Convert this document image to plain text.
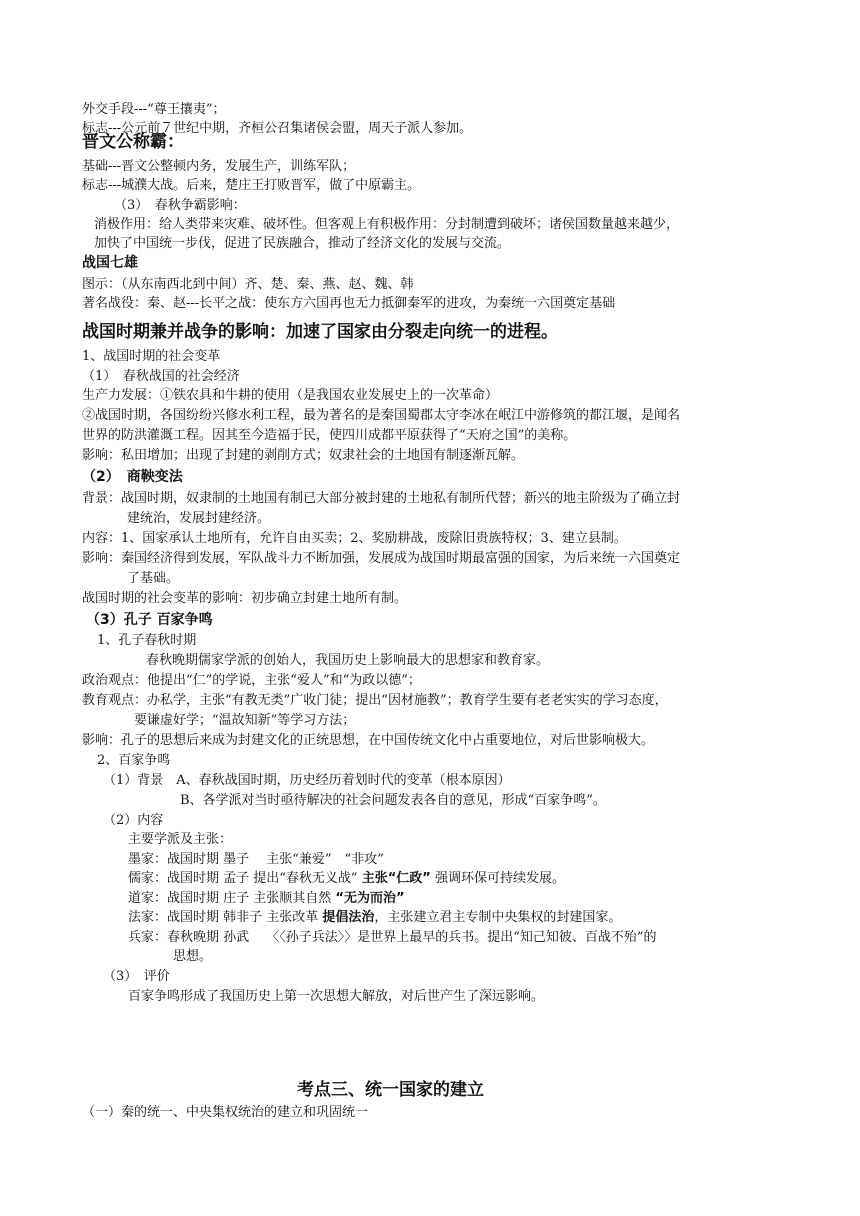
外交手段---“尊王攘夷”；
标志---公元前７世纪中期，齐桓公召集诸侯会盟，周天子派人参加。
晋文公称霸：
基础---晋文公整顿内务，发展生产，训练军队；
标志---城濮大战。后来，楚庄王打败晋军，做了中原霸主。
（3）　春秋争霸影响：
消极作用：给人类带来灾难、破坏性。但客观上有积极作用：分封制遭到破坏；诸侯国数量越来越少，
加快了中国统一步伐，促进了民族融合，推动了经济文化的发展与交流。
战国七雄
图示：（从东南西北到中间）齐、楚、秦、燕、赵、魏、韩
著名战役：秦、赵---长平之战：使东方六国再也无力抵御秦军的进攻，为秦统一六国奠定基础
战国时期兼并战争的影响：加速了国家由分裂走向统一的进程。
1、战国时期的社会变革
（1）　春秋战国的社会经济
生产力发展：①铁农具和牛耕的使用（是我国农业发展史上的一次革命）
②战国时期，各国纷纷兴修水利工程，最为著名的是秦国蜀郡太守李冰在岷江中游修筑的都江堰，是闻名
世界的防洪灌溉工程。因其至今造福于民，使四川成都平原获得了“天府之国”的美称。
影响：私田增加；出现了封建的剥削方式；奴隶社会的土地国有制逐渐瓦解。
（2）　商鞅变法
背景：战国时期，奴隶制的土地国有制已大部分被封建的土地私有制所代替；新兴的地主阶级为了确立封
建统治，发展封建经济。
内容：1、国家承认土地所有，允许自由买卖；2、奖励耕战，废除旧贵族特权；3、建立县制。
影响：秦国经济得到发展，军队战斗力不断加强，发展成为战国时期最富强的国家，为后来统一六国奠定
了基础。
战国时期的社会变革的影响：初步确立封建土地所有制。
（3）孔子 百家争鸣
1、孔子春秋时期
春秋晚期儒家学派的创始人，我国历史上影响最大的思想家和教育家。
政治观点：他提出“仁”的学说，主张“爱人”和“为政以德”；
教育观点：办私学，主张“有教无类”广收门徒；提出“因材施教”；教育学生要有老老实实的学习态度，
要谦虚好学；“温故知新”等学习方法；
影响：孔子的思想后来成为封建文化的正统思想，在中国传统文化中占重要地位，对后世影响极大。
2、百家争鸣
（1）背景　A、春秋战国时期，历史经历着划时代的变革（根本原因）
B、各学派对当时亟待解决的社会问题发表各自的意见，形成“百家争鸣”。
（2）内容
主要学派及主张：
墨家：战国时期 墨子　 主张“兼爱”　“非攻”
儒家：战国时期 孟子 提出“春秋无义战” 主张“仁政” 强调环保可持续发展。
道家：战国时期 庄子 主张顺其自然 “无为而治”
法家：战国时期 韩非子 主张改革 提倡法治，主张建立君主专制中央集权的封建国家。
兵家：春秋晚期 孙武　 〈〈孙子兵法〉〉是世界上最早的兵书。提出“知己知彼、百战不殆”的
思想。
（3）　评价
百家争鸣形成了我国历史上第一次思想大解放，对后世产生了深远影响。
考点三、统一国家的建立
（一）秦的统一、中央集权统治的建立和巩固统一
